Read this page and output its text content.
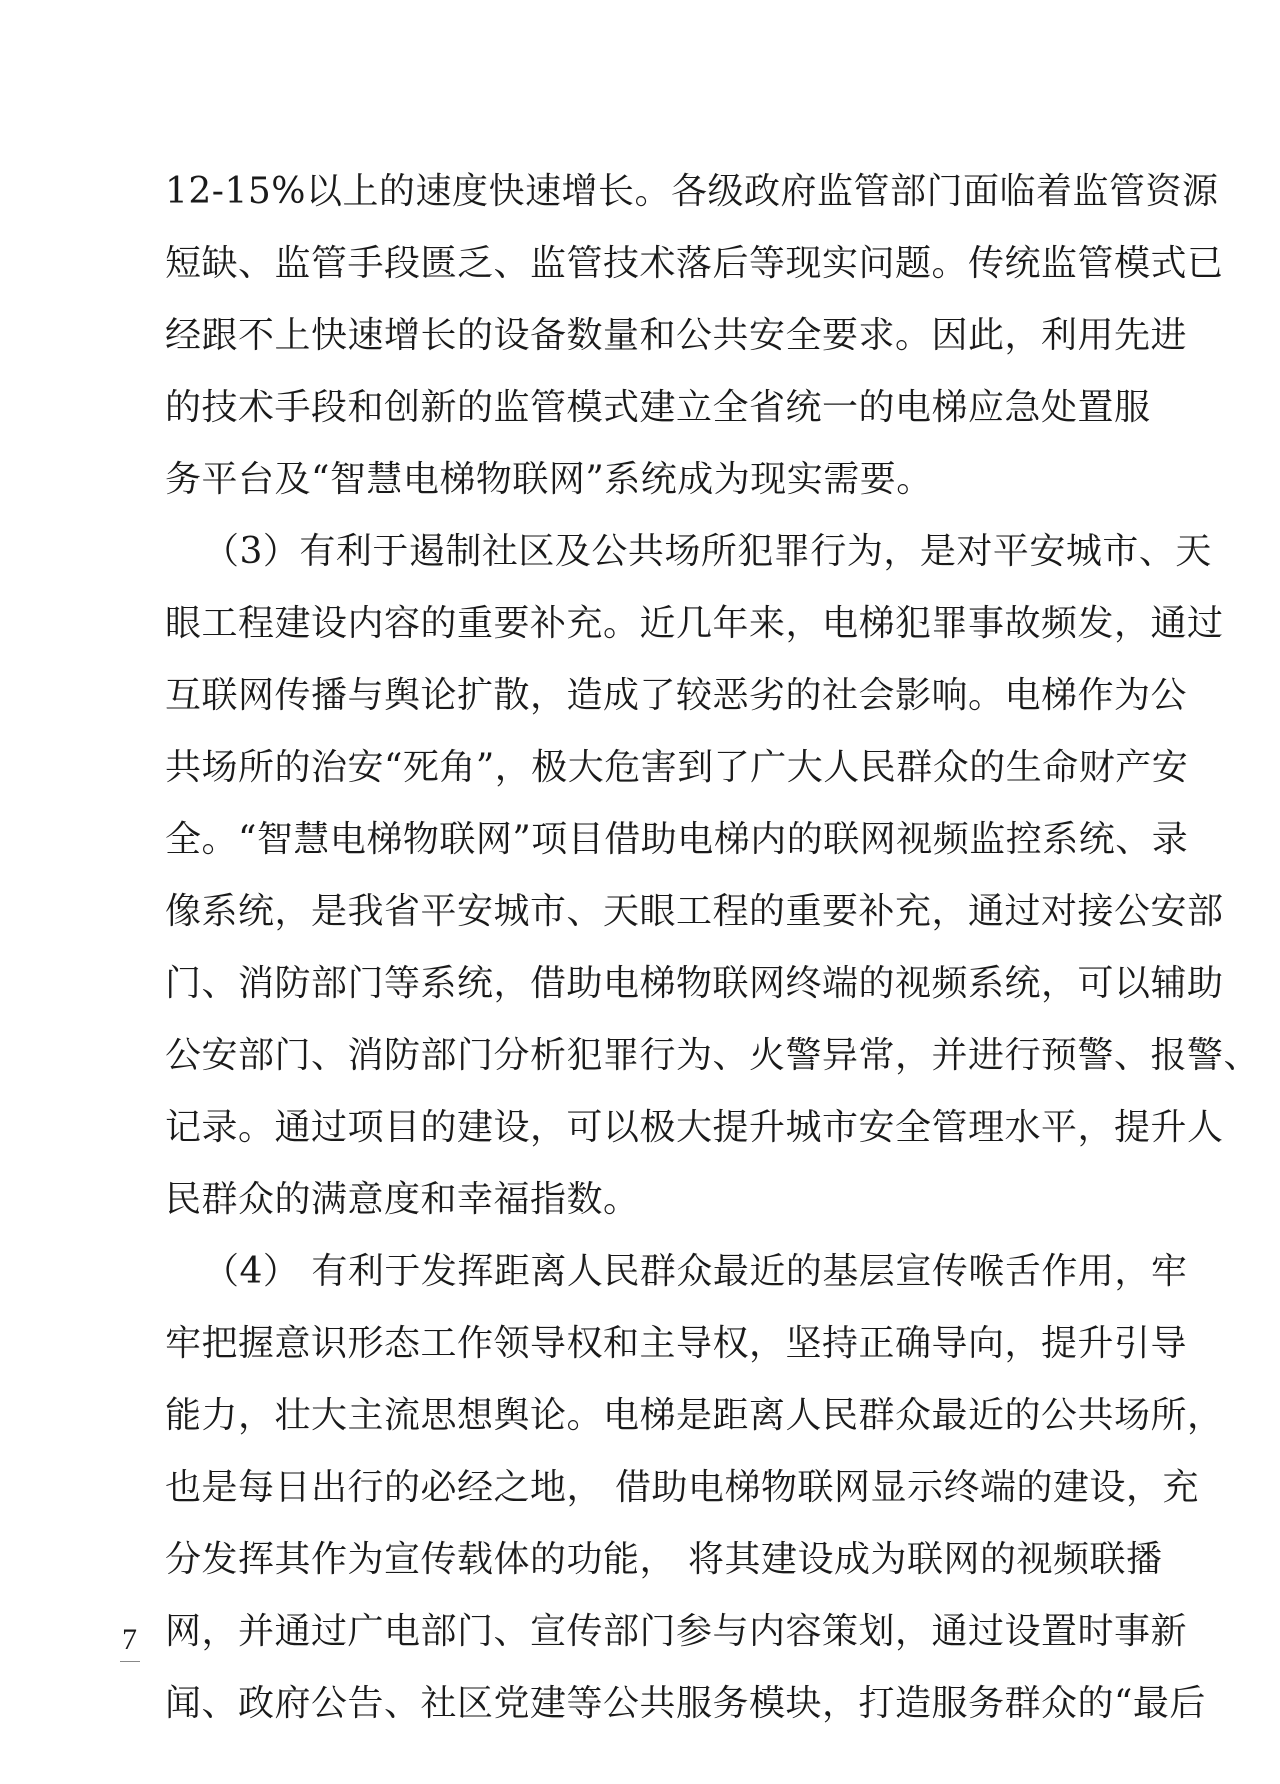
12-15%以上的速度快速增长。各级政府监管部门面临着监管资源
短缺、监管手段匮乏、监管技术落后等现实问题。传统监管模式已
经跟不上快速增长的设备数量和公共安全要求。因此，利用先进
的技术手段和创新的监管模式建立全省统一的电梯应急处置服
务平台及“智慧电梯物联网”系统成为现实需要。
（3）有利于遏制社区及公共场所犯罪行为，是对平安城市、天
眼工程建设内容的重要补充。近几年来，电梯犯罪事故频发，通过
互联网传播与舆论扩散，造成了较恶劣的社会影响。电梯作为公
共场所的治安“死角”，极大危害到了广大人民群众的生命财产安
全。“智慧电梯物联网”项目借助电梯内的联网视频监控系统、录
像系统，是我省平安城市、天眼工程的重要补充，通过对接公安部
门、消防部门等系统，借助电梯物联网终端的视频系统，可以辅助
公安部门、消防部门分析犯罪行为、火警异常，并进行预警、报警、
记录。通过项目的建设，可以极大提升城市安全管理水平，提升人
民群众的满意度和幸福指数。
（4） 有利于发挥距离人民群众最近的基层宣传喉舌作用，牢
牢把握意识形态工作领导权和主导权，坚持正确导向，提升引导
能力，壮大主流思想舆论。电梯是距离人民群众最近的公共场所，
也是每日出行的必经之地， 借助电梯物联网显示终端的建设，充
分发挥其作为宣传载体的功能， 将其建设成为联网的视频联播
网，并通过广电部门、宣传部门参与内容策划，通过设置时事新
闻、政府公告、社区党建等公共服务模块，打造服务群众的“最后
7
